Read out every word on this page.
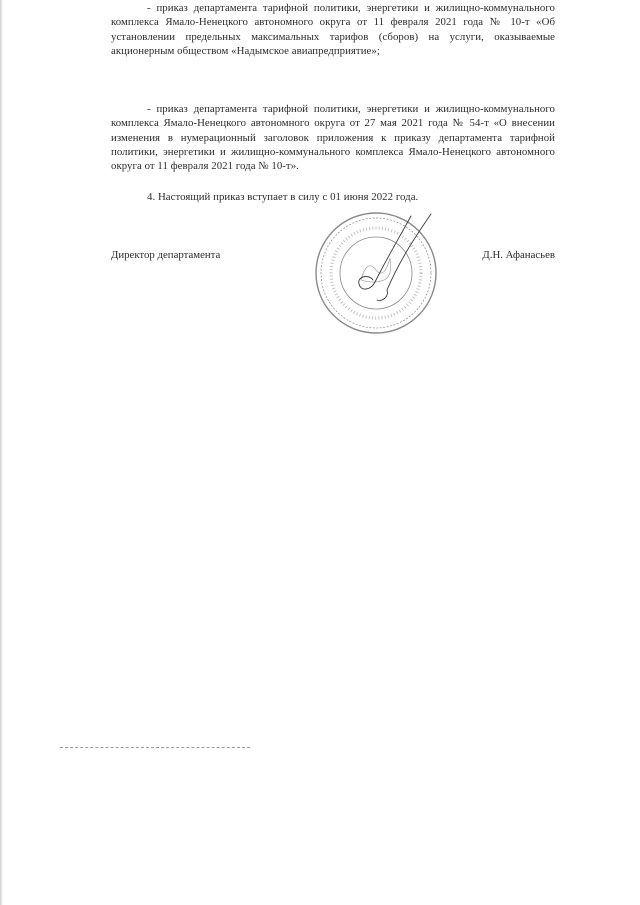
- приказ департамента тарифной политики, энергетики и жилищно-коммунального комплекса Ямало-Ненецкого автономного округа от 11 февраля 2021 года № 10-т «Об установлении предельных максимальных тарифов (сборов) на услуги, оказываемые акционерным обществом «Надымское авиапредприятие»;

- приказ департамента тарифной политики, энергетики и жилищно-коммунального комплекса Ямало-Ненецкого автономного округа от 27 мая 2021 года № 54-т «О внесении изменения в нумерационный заголовок приложения к приказу департамента тарифной политики, энергетики и жилищно-коммунального комплекса Ямало-Ненецкого автономного округа от 11 февраля 2021 года № 10-т».

4. Настоящий приказ вступает в силу с 01 июня 2022 года.

Директор департамента	Д.Н. Афанасьев
